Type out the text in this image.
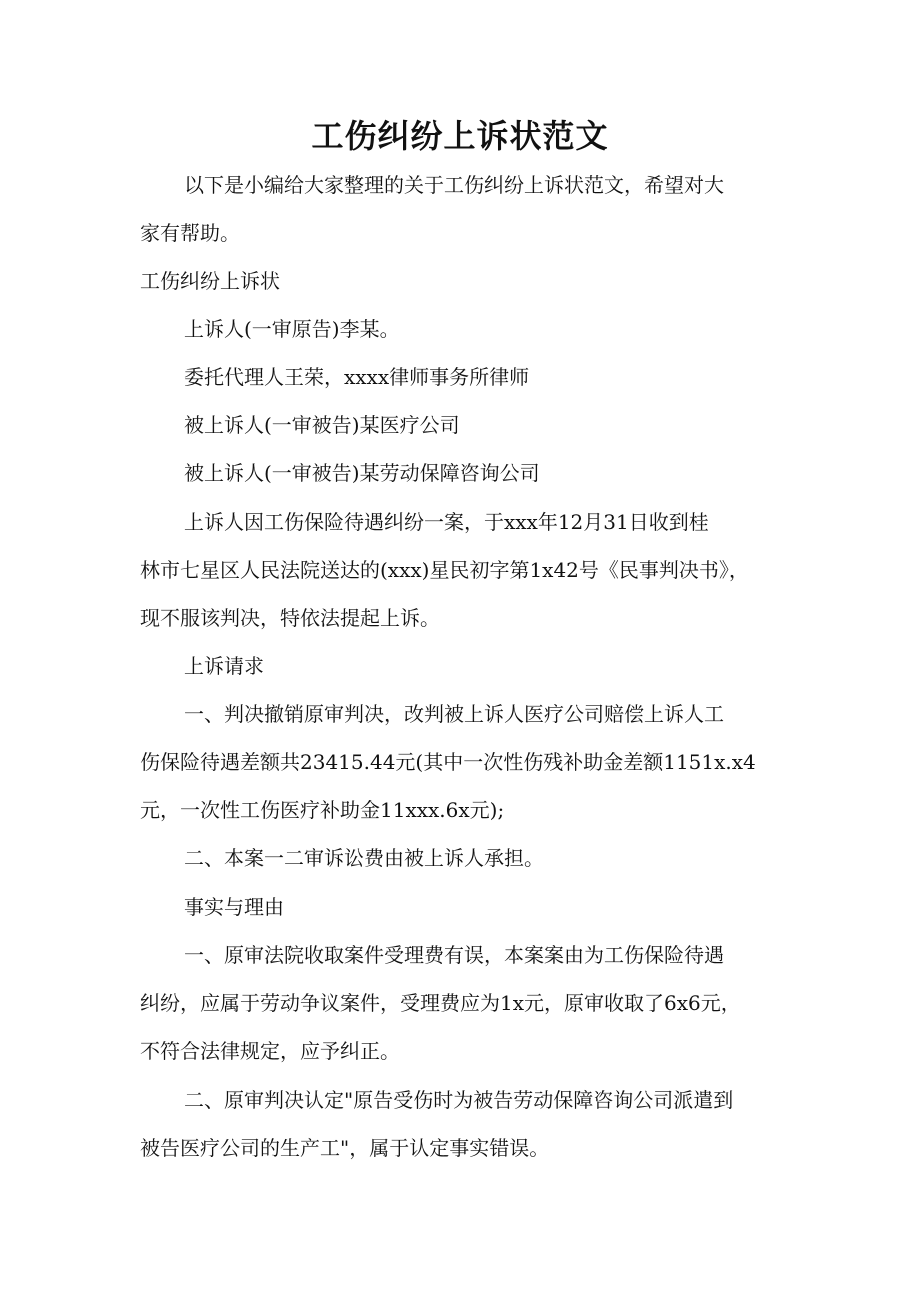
工伤纠纷上诉状范文
以下是小编给大家整理的关于工伤纠纷上诉状范文，希望对大
家有帮助。
工伤纠纷上诉状
上诉人(一审原告)李某。
委托代理人王荣，xxxx律师事务所律师
被上诉人(一审被告)某医疗公司
被上诉人(一审被告)某劳动保障咨询公司
上诉人因工伤保险待遇纠纷一案，于xxx年12月31日收到桂
林市七星区人民法院送达的(xxx)星民初字第1x42号《民事判决书》，
现不服该判决，特依法提起上诉。
上诉请求
一、判决撤销原审判决，改判被上诉人医疗公司赔偿上诉人工
伤保险待遇差额共23415.44元(其中一次性伤残补助金差额1151x.x4
元，一次性工伤医疗补助金11xxx.6x元);
二、本案一二审诉讼费由被上诉人承担。
事实与理由
一、原审法院收取案件受理费有误，本案案由为工伤保险待遇
纠纷，应属于劳动争议案件，受理费应为1x元，原审收取了6x6元，
不符合法律规定，应予纠正。
二、原审判决认定"原告受伤时为被告劳动保障咨询公司派遣到
被告医疗公司的生产工"，属于认定事实错误。
